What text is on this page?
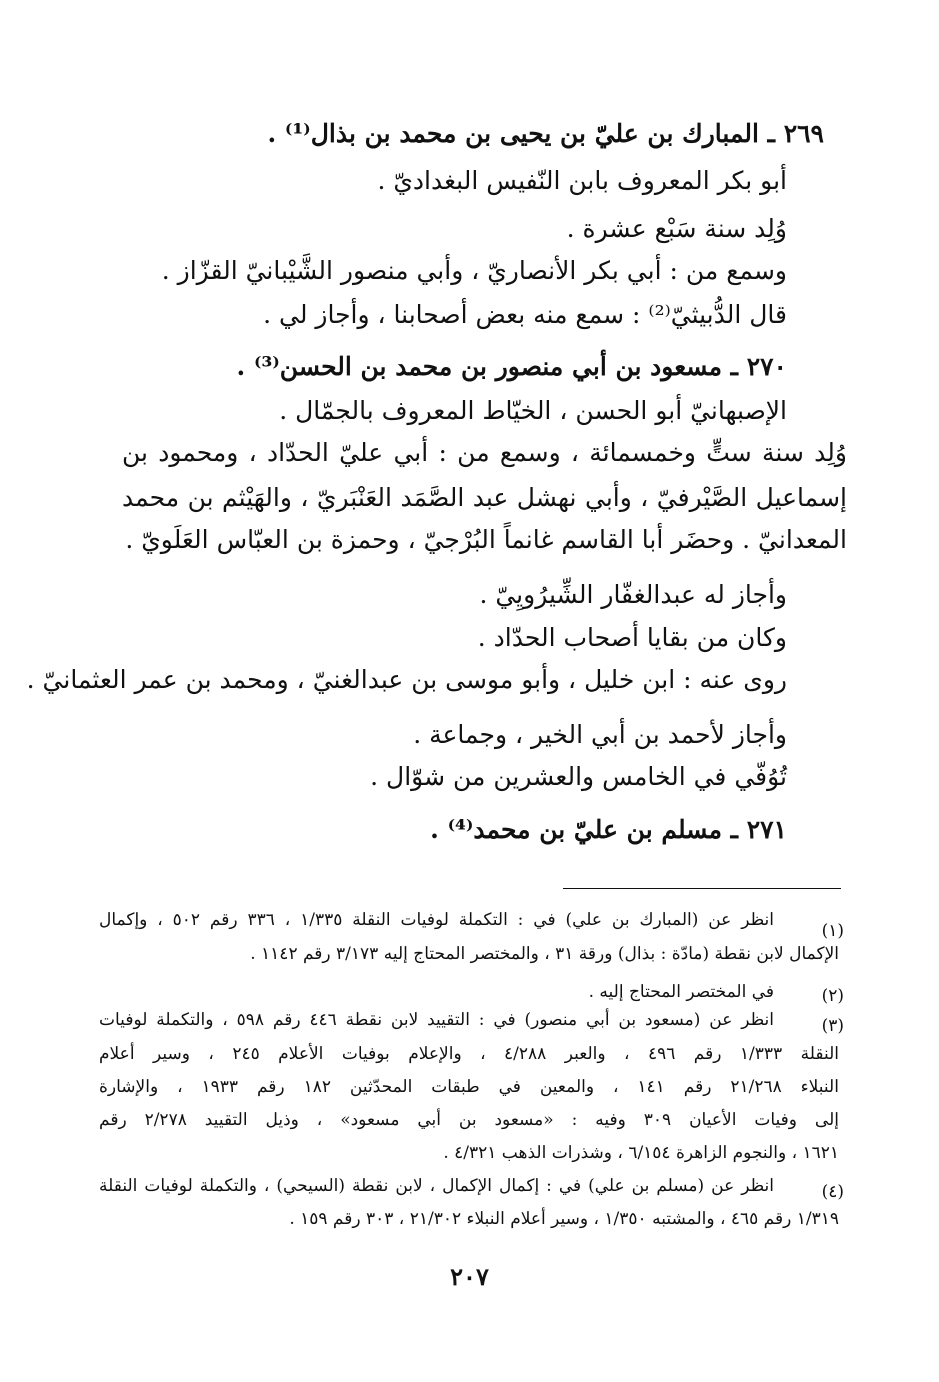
٢٦٩ ـ المبارك بن عليّ بن يحيى بن محمد بن بذال⁽¹⁾ .
أبو بكر المعروف بابن النّفيس البغداديّ .
وُلِد سنة سَبْع عشرة .
وسمع من : أبي بكر الأنصاريّ ، وأبي منصور الشَّيْبانيّ القزّاز .
قال الدُّبيثيّ⁽²⁾ : سمع منه بعض أصحابنا ، وأجاز لي .
٢٧٠ ـ مسعود بن أبي منصور بن محمد بن الحسن⁽³⁾ .
الإصبهانيّ أبو الحسن ، الخيّاط المعروف بالجمّال .
وُلِد سنة ستٍّ وخمسمائة ، وسمع من : أبي عليّ الحدّاد ، ومحمود بن
إسماعيل الصَّيْرفيّ ، وأبي نهشل عبد الصَّمَد العَنْبَريّ ، والهَيْثم بن محمد
المعدانيّ . وحضَر أبا القاسم غانماً البُرْجيّ ، وحمزة بن العبّاس العَلَويّ .
وأجاز له عبدالغفّار الشِّيرُويِيّ .
وكان من بقايا أصحاب الحدّاد .
روى عنه : ابن خليل ، وأبو موسى بن عبدالغنيّ ، ومحمد بن عمر العثمانيّ .
وأجاز لأحمد بن أبي الخير ، وجماعة .
تُوُفّي في الخامس والعشرين من شوّال .
٢٧١ ـ مسلم بن عليّ بن محمد⁽⁴⁾ .
(١)
انظر عن (المبارك بن علي) في : التكملة لوفيات النقلة ١/٣٣٥ ، ٣٣٦ رقم ٥٠٢ ، وإكمال
الإكمال لابن نقطة (مادّة : بذال) ورقة ٣١ ، والمختصر المحتاج إليه ٣/١٧٣ رقم ١١٤٢ .
(٢)
في المختصر المحتاج إليه .
(٣)
انظر عن (مسعود بن أبي منصور) في : التقييد لابن نقطة ٤٤٦ رقم ٥٩٨ ، والتكملة لوفيات
النقلة ١/٣٣٣ رقم ٤٩٦ ، والعبر ٤/٢٨٨ ، والإعلام بوفيات الأعلام ٢٤٥ ، وسير أعلام
النبلاء ٢١/٢٦٨ رقم ١٤١ ، والمعين في طبقات المحدّثين ١٨٢ رقم ١٩٣٣ ، والإشارة
إلى وفيات الأعيان ٣٠٩ وفيه : «مسعود بن أبي مسعود» ، وذيل التقييد ٢/٢٧٨ رقم
١٦٢١ ، والنجوم الزاهرة ٦/١٥٤ ، وشذرات الذهب ٤/٣٢١ .
(٤)
انظر عن (مسلم بن علي) في : إكمال الإكمال ، لابن نقطة (السيحي) ، والتكملة لوفيات النقلة
١/٣١٩ رقم ٤٦٥ ، والمشتبه ١/٣٥٠ ، وسير أعلام النبلاء ٢١/٣٠٢ ، ٣٠٣ رقم ١٥٩ .
٢٠٧
